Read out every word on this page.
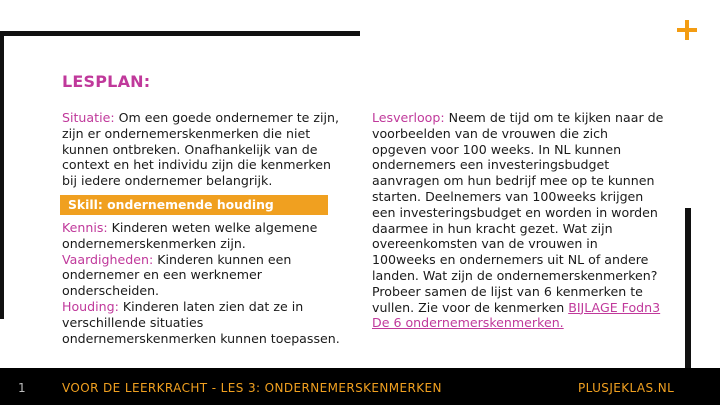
LESPLAN:

Situatie: Om een goede ondernemer te zijn, zijn er ondernemerskenmerken die niet kunnen ontbreken. Onafhankelijk van de context en het individu zijn die kenmerken bij iedere ondernemer belangrijk.

Skill: ondernemende houding

Kennis: Kinderen weten welke algemene ondernemerskenmerken zijn.

Vaardigheden: Kinderen kunnen een ondernemer en een werknemer onderscheiden.

Houding: Kinderen laten zien dat ze in verschillende situaties ondernemerskenmerken kunnen toepassen.

Lesverloop: Neem de tijd om te kijken naar de voorbeelden van de vrouwen die zich opgeven voor 100 weeks. In NL kunnen ondernemers een investeringsbudget aanvragen om hun bedrijf mee op te kunnen starten. Deelnemers van 100weeks krijgen een investeringsbudget en worden in worden daarmee in hun kracht gezet. Wat zijn overeenkomsten van de vrouwen in 100weeks en ondernemers uit NL of andere landen. Wat zijn de ondernemerskenmerken? Probeer samen de lijst van 6 kenmerken te vullen. Zie voor de kenmerken BIJLAGE Fodn3 De 6 ondernemerskenmerken.

1	VOOR DE LEERKRACHT - LES 3: ONDERNEMERSKENMERKEN	PLUSJEKLAS.NL
